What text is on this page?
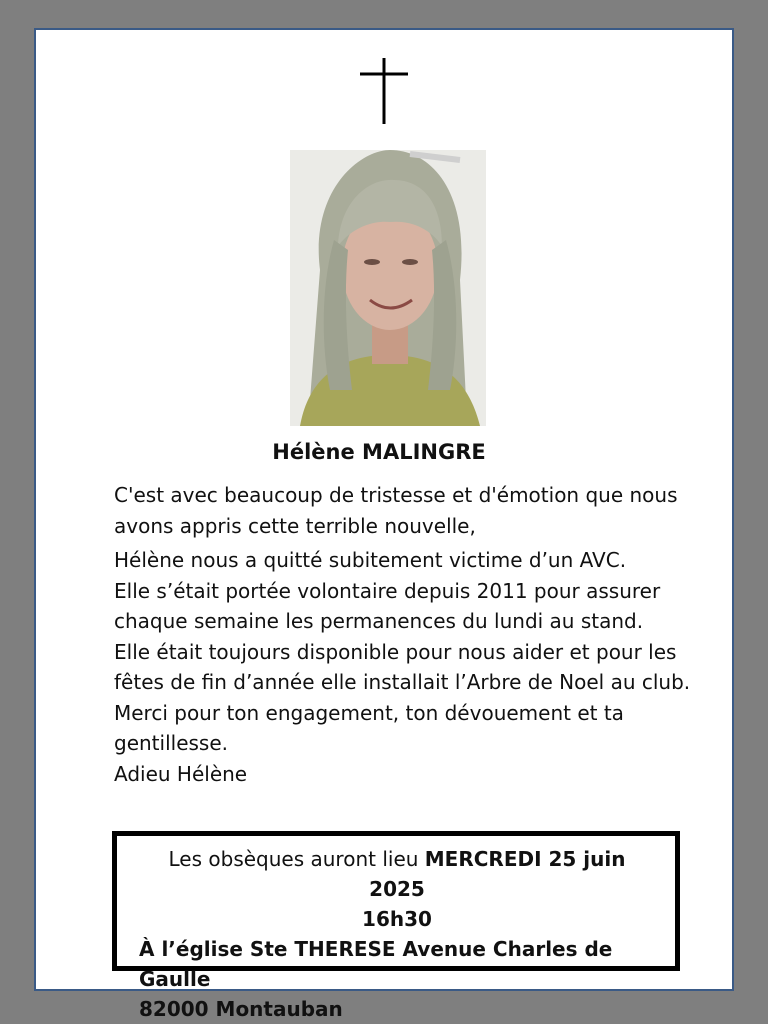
Hélène MALINGRE

C'est avec beaucoup de tristesse et d'émotion que nous avons appris cette terrible nouvelle,

Hélène nous a quitté subitement victime d’un AVC.

Elle s’était portée volontaire depuis 2011 pour assurer chaque semaine les permanences du lundi au stand.

Elle était toujours disponible pour nous aider et pour les fêtes de fin d’année elle installait l’Arbre de Noel au club.

Merci pour ton engagement, ton dévouement et ta gentillesse.

Adieu Hélène

Les obsèques auront lieu MERCREDI 25 juin 2025
16h30
À l’église Ste THERESE Avenue Charles de Gaulle
82000 Montauban
